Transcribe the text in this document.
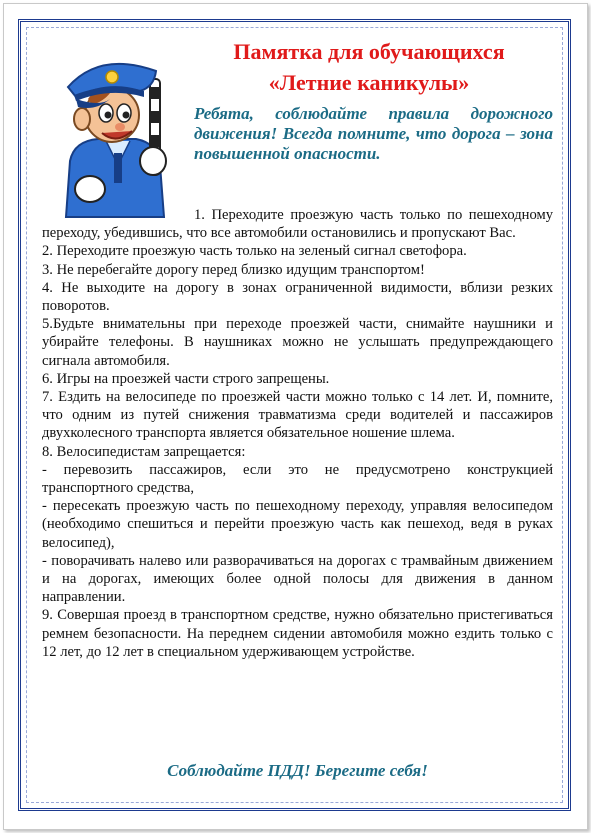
Памятка для обучающихся
«Летние каникулы»
Ребята, соблюдайте правила дорожного движения! Всегда помните, что дорога – зона повышенной опасности.

1. Переходите проезжую часть только по пешеходному переходу, убедившись, что все автомобили остановились и пропускают Вас.

2. Переходите проезжую часть только на зеленый сигнал светофора.

3. Не перебегайте дорогу перед близко идущим транспортом!

4. Не выходите на дорогу в зонах ограниченной видимости, вблизи резких поворотов.

5.Будьте внимательны при переходе проезжей части, снимайте наушники и убирайте телефоны. В наушниках можно не услышать предупреждающего сигнала автомобиля.

6. Игры на проезжей части строго запрещены.

7. Ездить на велосипеде по проезжей части можно только с 14 лет. И, помните, что одним из путей снижения травматизма среди водителей и пассажиров двухколесного транспорта является обязательное ношение шлема.

8. Велосипедистам запрещается:

- перевозить пассажиров, если это не предусмотрено конструкцией транспортного средства,

- пересекать проезжую часть по пешеходному переходу, управляя велосипедом (необходимо спешиться и перейти проезжую часть как пешеход, ведя в руках велосипед),

- поворачивать налево или разворачиваться на дорогах с трамвайным движением и на дорогах, имеющих более одной полосы для движения в данном направлении.

9. Совершая проезд в транспортном средстве, нужно обязательно пристегиваться ремнем безопасности. На переднем сидении автомобиля можно ездить только с 12 лет, до 12 лет в специальном удерживающем устройстве.

Соблюдайте ПДД! Берегите себя!
